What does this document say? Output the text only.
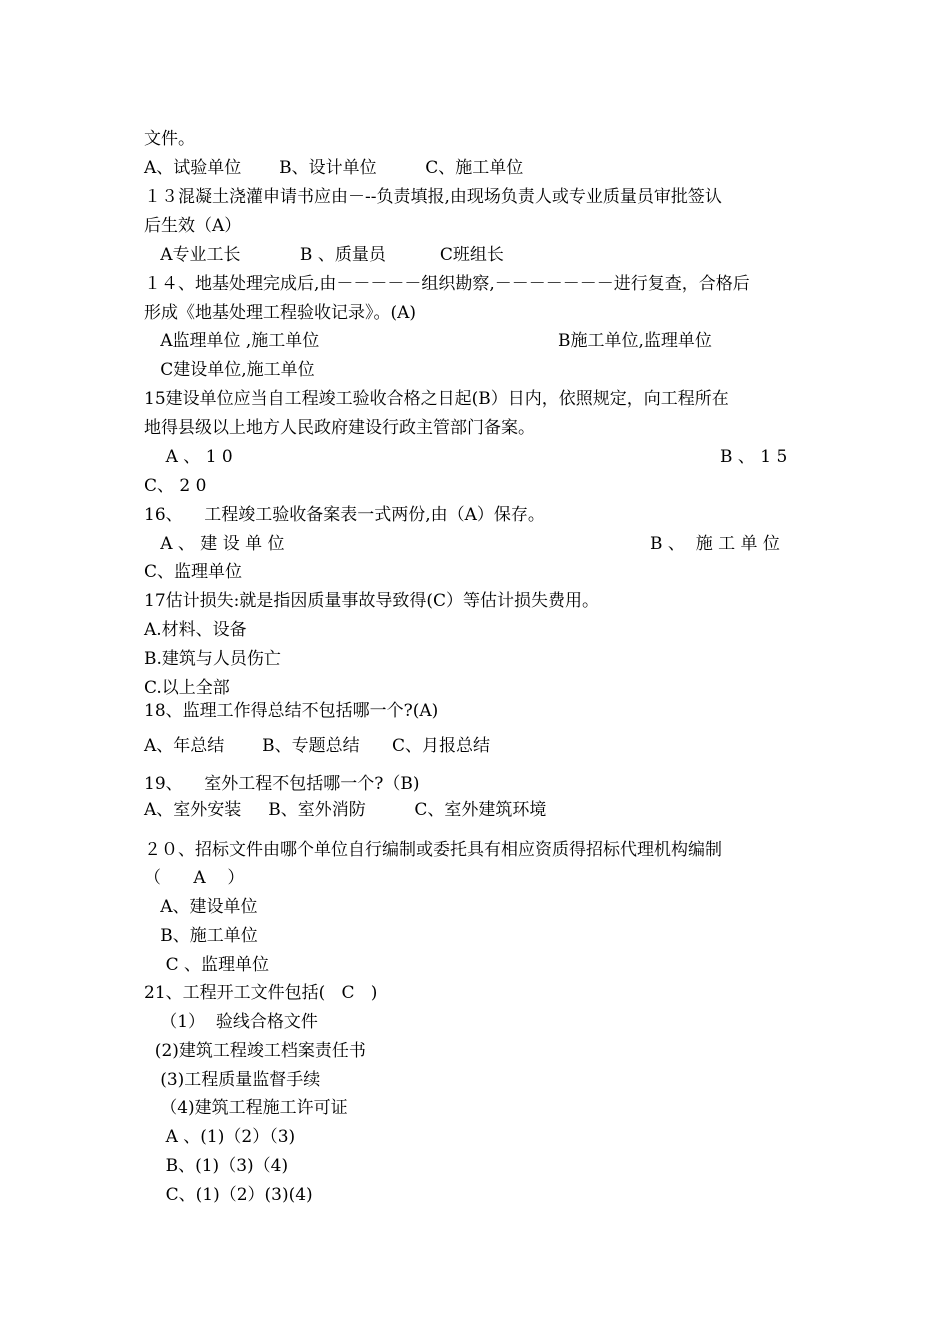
文件。
A、试验单位       B、设计单位         C、施工单位
１３混凝土浇灌申请书应由－--负责填报,由现场负责人或专业质量员审批签认
后生效（A）
A专业工长           B 、质量员          C班组长
１４、地基处理完成后,由－－－－－组织勘察,－－－－－－－进行复查，合格后
形成《地基处理工程验收记录》。(A)
A监理单位 ,施工单位	B施工单位,监理单位
C建设单位,施工单位
15建设单位应当自工程竣工验收合格之日起(B）日内，依照规定，向工程所在
地得县级以上地方人民政府建设行政主管部门备案。
A 、 1 0	B 、 1 5
C、 2 0
16、    工程竣工验收备案表一式两份,由（A）保存。
A 、 建 设 单 位	B 、  施 工 单 位
C、监理单位
17估计损失:就是指因质量事故导致得(C）等估计损失费用。
A.材料、设备
B.建筑与人员伤亡
C.以上全部
18、监理工作得总结不包括哪一个?(A)
A、年总结       B、专题总结      C、月报总结
19、    室外工程不包括哪一个?（B)
A、室外安装     B、室外消防         C、室外建筑环境
２０、招标文件由哪个单位自行编制或委托具有相应资质得招标代理机构编制
（      A    ）
A、建设单位
B、施工单位
C 、监理单位
21、工程开工文件包括(   C   )
（1）  验线合格文件
(2)建筑工程竣工档案责任书
(3)工程质量监督手续
（4)建筑工程施工许可证
A 、(1)（2）（3)
B、(1)（3)（4)
C、(1)（2）(3)(4)
